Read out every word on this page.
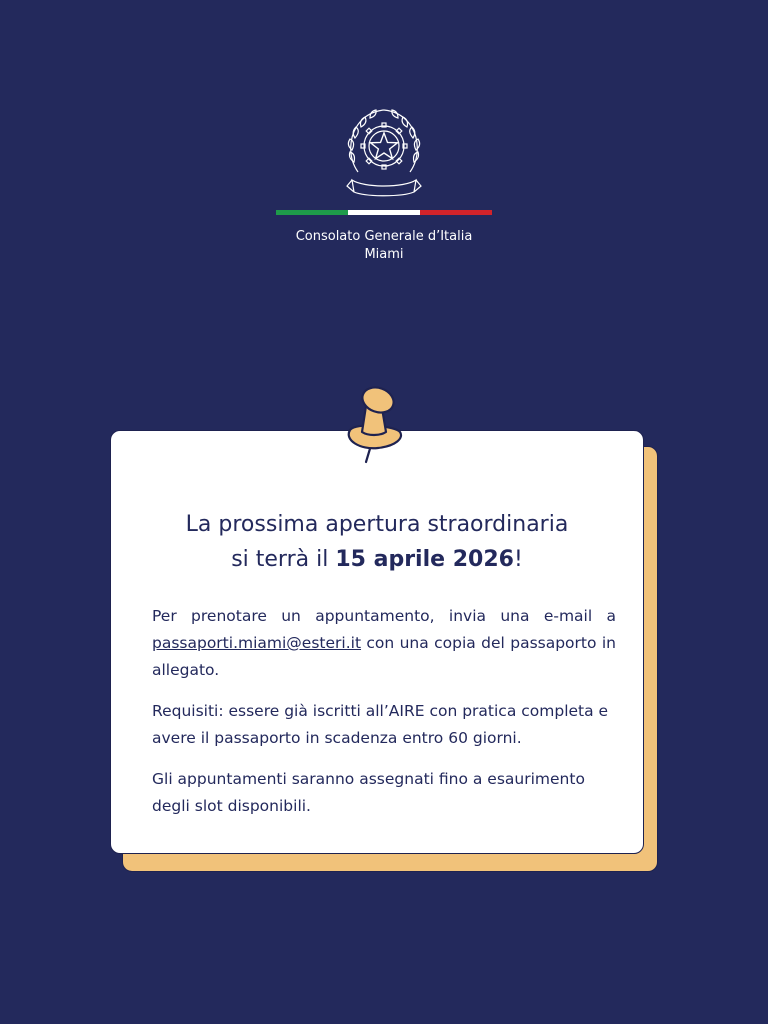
Consolato Generale d’Italia
Miami
La prossima apertura straordinaria
si terrà il 15 aprile 2026!

Per prenotare un appuntamento, invia una e-mail a passaporti.miami@esteri.it con una copia del passaporto in allegato.

Requisiti: essere già iscritti all’AIRE con pratica completa e avere il passaporto in scadenza entro 60 giorni.

Gli appuntamenti saranno assegnati fino a esaurimento degli slot disponibili.
